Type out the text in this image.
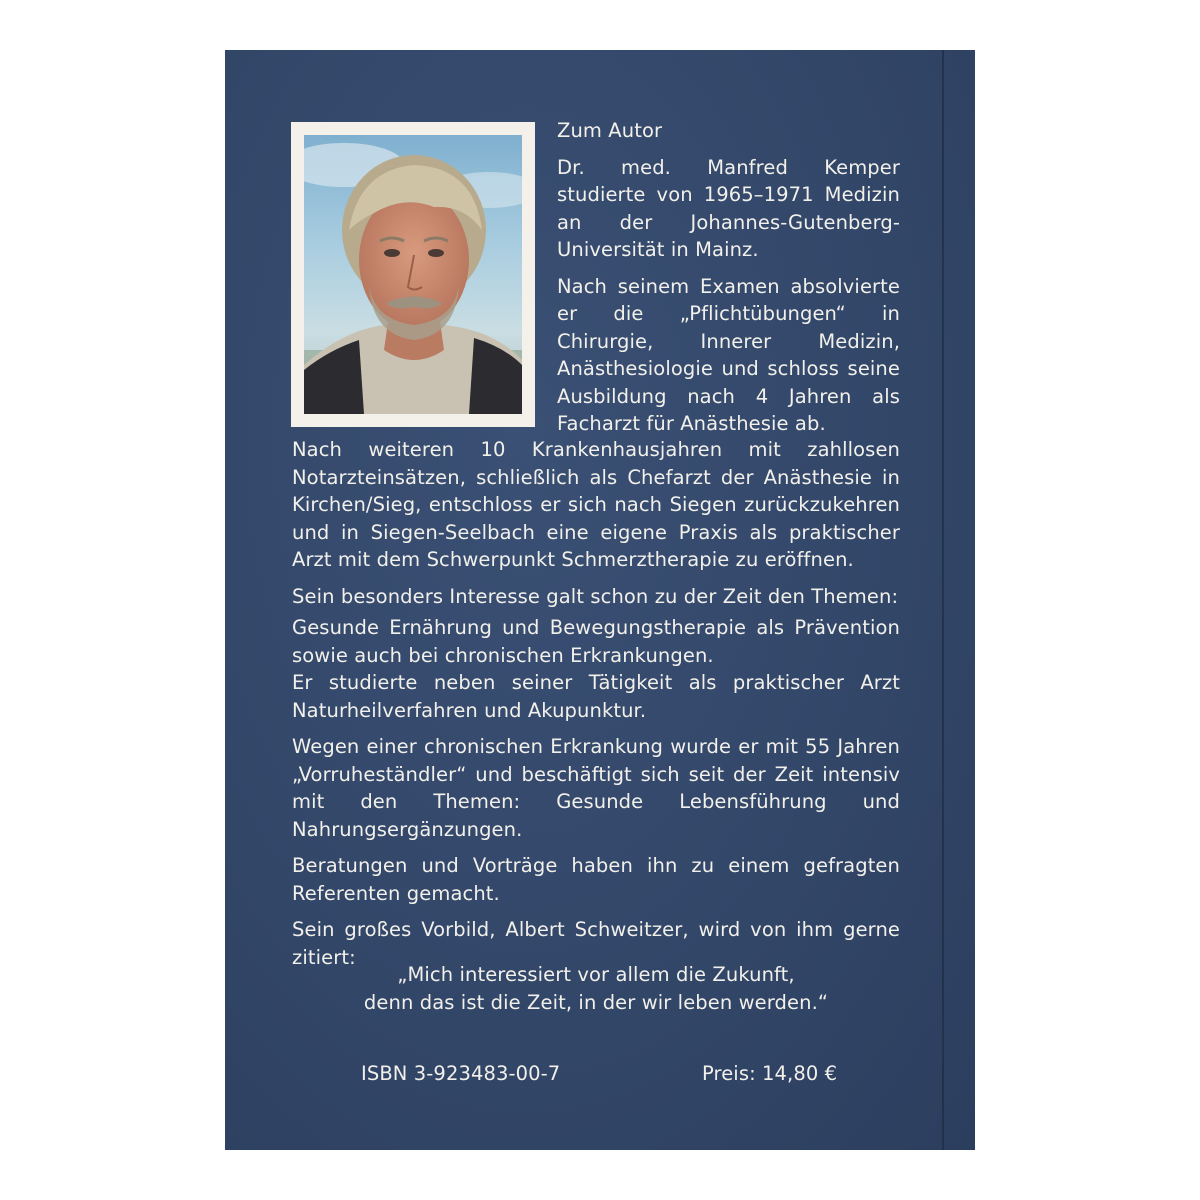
Zum Autor

Dr. med. Manfred Kemper studierte von 1965–1971 Medizin an der Johannes-Gutenberg-Universität in Mainz.

Nach seinem Examen absolvierte er die „Pflichtübungen“ in Chirurgie, Innerer Medizin, Anästhesiologie und schloss seine Ausbildung nach 4 Jahren als Facharzt für Anästhesie ab.

Nach weiteren 10 Krankenhausjahren mit zahllosen Notarzteinsätzen, schließlich als Chefarzt der Anästhesie in Kirchen/Sieg, entschloss er sich nach Siegen zurückzukehren und in Siegen-Seelbach eine eigene Praxis als praktischer Arzt mit dem Schwerpunkt Schmerztherapie zu eröffnen.

Sein besonders Interesse galt schon zu der Zeit den Themen:

Gesunde Ernährung und Bewegungstherapie als Prävention sowie auch bei chronischen Erkrankungen.

Er studierte neben seiner Tätigkeit als praktischer Arzt Naturheilverfahren und Akupunktur.

Wegen einer chronischen Erkrankung wurde er mit 55 Jahren „Vorruheständler“ und beschäftigt sich seit der Zeit intensiv mit den Themen: Gesunde Lebensführung und Nahrungsergänzungen.

Beratungen und Vorträge haben ihn zu einem gefragten Referenten gemacht.

Sein großes Vorbild, Albert Schweitzer, wird von ihm gerne zitiert:

„Mich interessiert vor allem die Zukunft,

denn das ist die Zeit, in der wir leben werden.“

ISBN 3-923483-00-7	Preis: 14,80 €
